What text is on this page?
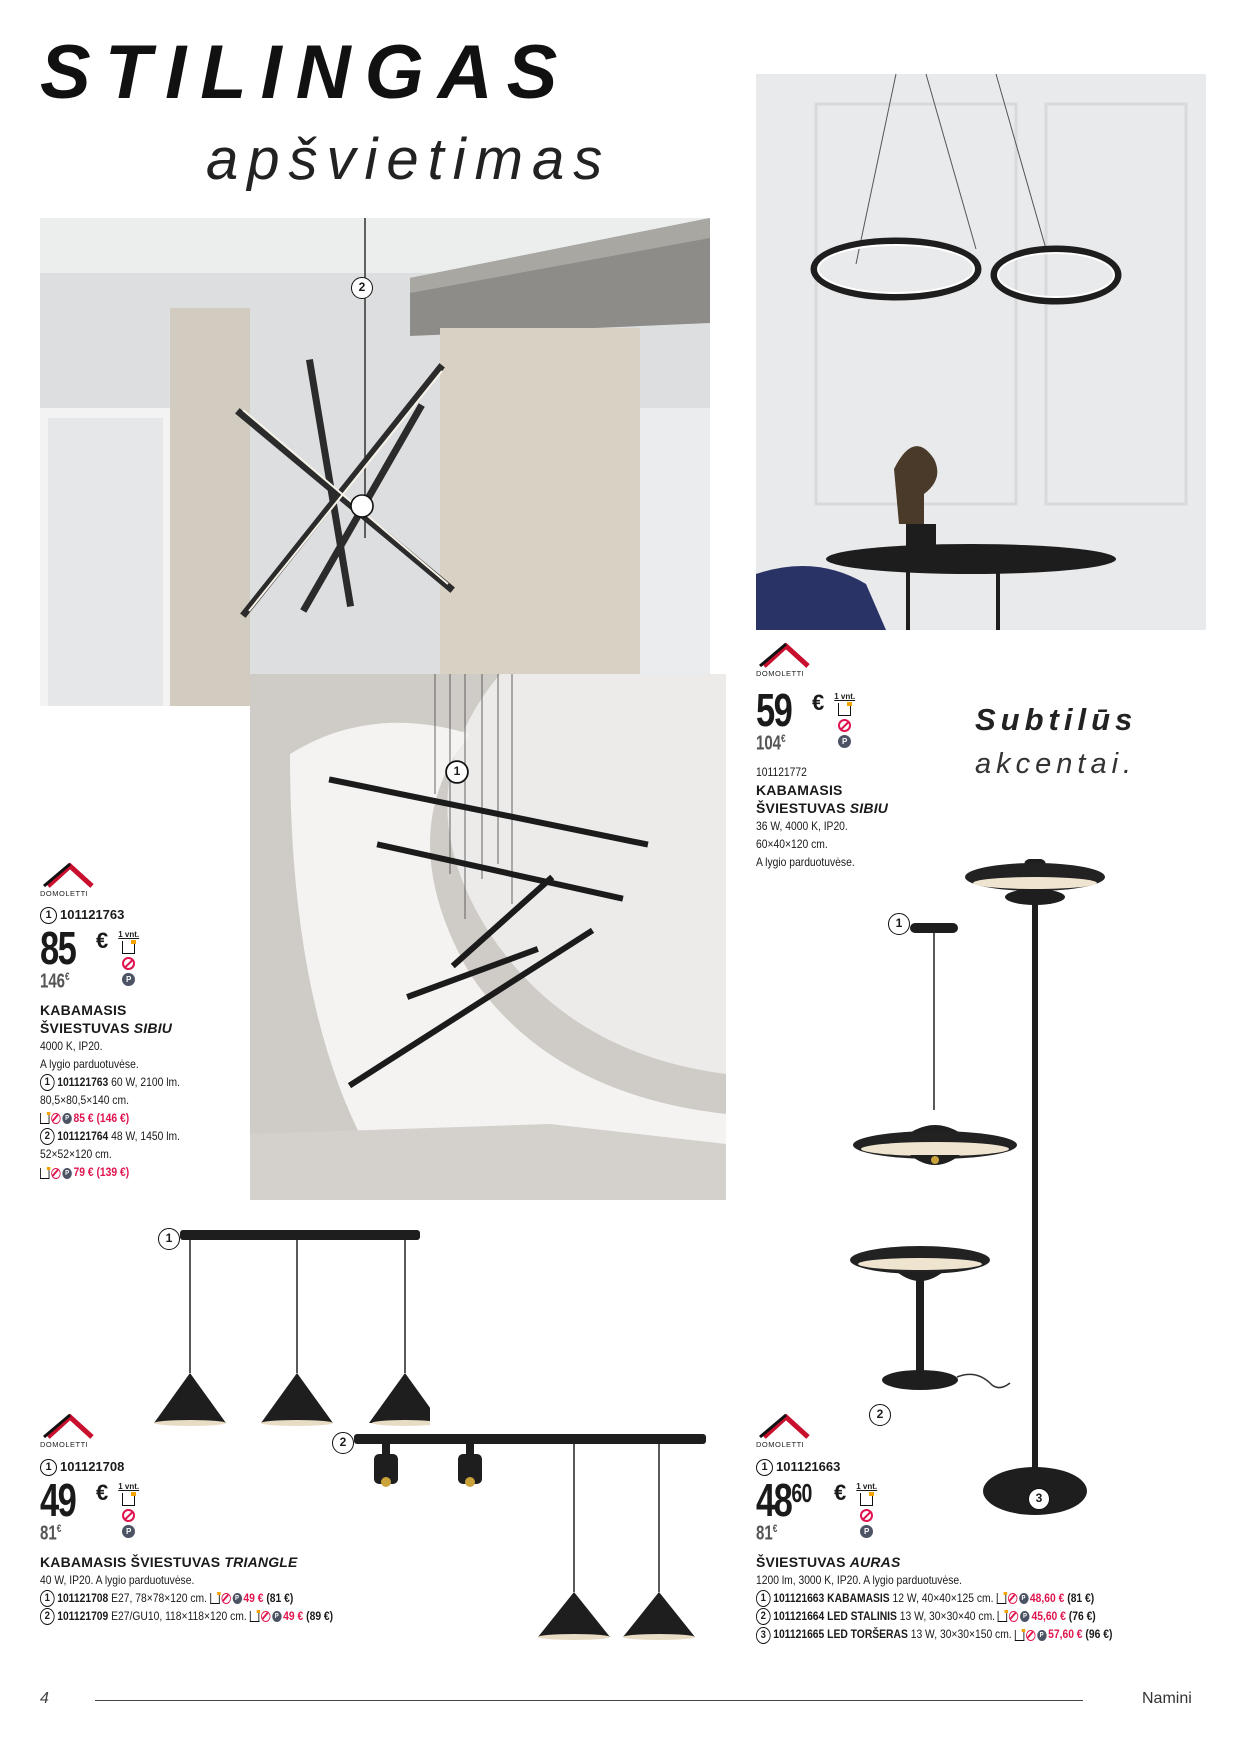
STILINGAS
apšvietimas
2
1
DOMOLETTI
1 101121763
85
146€
€ 1 vnt.
P
KABAMASIS
ŠVIESTUVAS SIBIU
4000 K, IP20.
A lygio parduotuvėse.
1 101121763 60 W, 2100 lm.
80,5×80,5×140 cm.
P 85 € (146 €)
2 101121764 48 W, 1450 lm.
52×52×120 cm.
P 79 € (139 €)
DOMOLETTI
59
104€
€ 1 vnt.
P
101121772
KABAMASIS
ŠVIESTUVAS SIBIU
36 W, 4000 K, IP20.
60×40×120 cm.
A lygio parduotuvėse.
Subtilūs
akcentai.
1
2
3
1
2
DOMOLETTI
1 101121708
49
81€
€ 1 vnt.
P
KABAMASIS ŠVIESTUVAS TRIANGLE
40 W, IP20. A lygio parduotuvėse.
1 101121708 E27, 78×78×120 cm.	P 49 € (81 €)
2 101121709 E27/GU10, 118×118×120 cm.	P 49 € (89 €)
DOMOLETTI
1 101121663
$48^{60}$
81€
€ 1 vnt.
P
ŠVIESTUVAS AURAS
1200 lm, 3000 K, IP20. A lygio parduotuvėse.
1 101121663 KABAMASIS 12 W, 40×40×125 cm.	P 48,60 € (81 €)
2 101121664 LED STALINIS 13 W, 30×30×40 cm.	P 45,60 € (76 €)
3 101121665 LED TORŠERAS 13 W, 30×30×150 cm.	P 57,60 € (96 €)
4	Namini
